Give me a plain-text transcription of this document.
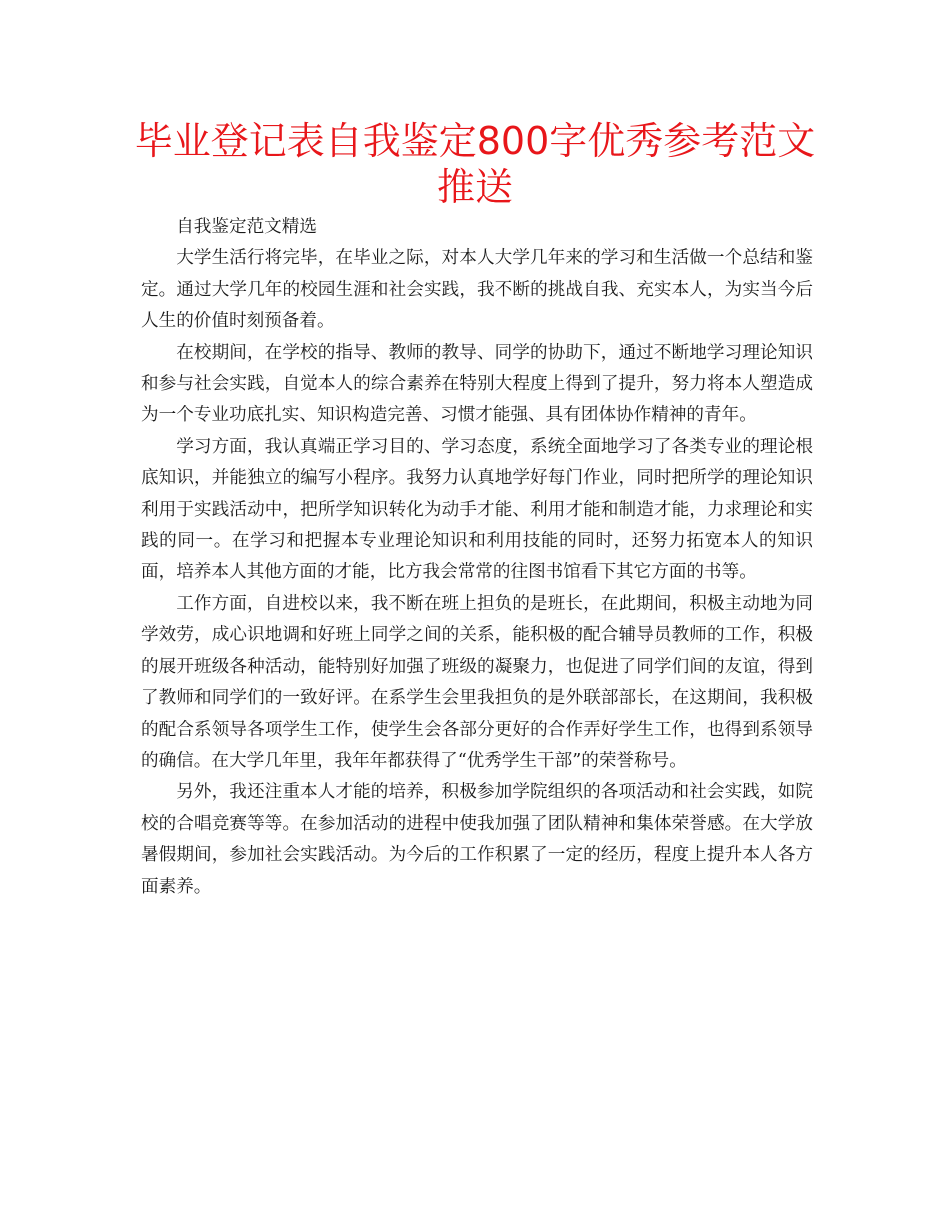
毕业登记表自我鉴定800字优秀参考范文推送

自我鉴定范文精选

大学生活行将完毕，在毕业之际，对本人大学几年来的学习和生活做一个总结和鉴定。通过大学几年的校园生涯和社会实践，我不断的挑战自我、充实本人，为实当今后人生的价值时刻预备着。

在校期间，在学校的指导、教师的教导、同学的协助下，通过不断地学习理论知识和参与社会实践，自觉本人的综合素养在特别大程度上得到了提升，努力将本人塑造成为一个专业功底扎实、知识构造完善、习惯才能强、具有团体协作精神的青年。

学习方面，我认真端正学习目的、学习态度，系统全面地学习了各类专业的理论根底知识，并能独立的编写小程序。我努力认真地学好每门作业，同时把所学的理论知识利用于实践活动中，把所学知识转化为动手才能、利用才能和制造才能，力求理论和实践的同一。在学习和把握本专业理论知识和利用技能的同时，还努力拓宽本人的知识面，培养本人其他方面的才能，比方我会常常的往图书馆看下其它方面的书等。

工作方面，自进校以来，我不断在班上担负的是班长，在此期间，积极主动地为同学效劳，成心识地调和好班上同学之间的关系，能积极的配合辅导员教师的工作，积极的展开班级各种活动，能特别好加强了班级的凝聚力，也促进了同学们间的友谊，得到了教师和同学们的一致好评。在系学生会里我担负的是外联部部长，在这期间，我积极的配合系领导各项学生工作，使学生会各部分更好的合作弄好学生工作，也得到系领导的确信。在大学几年里，我年年都获得了“优秀学生干部”的荣誉称号。

另外，我还注重本人才能的培养，积极参加学院组织的各项活动和社会实践，如院校的合唱竞赛等等。在参加活动的进程中使我加强了团队精神和集体荣誉感。在大学放暑假期间，参加社会实践活动。为今后的工作积累了一定的经历，程度上提升本人各方面素养。
